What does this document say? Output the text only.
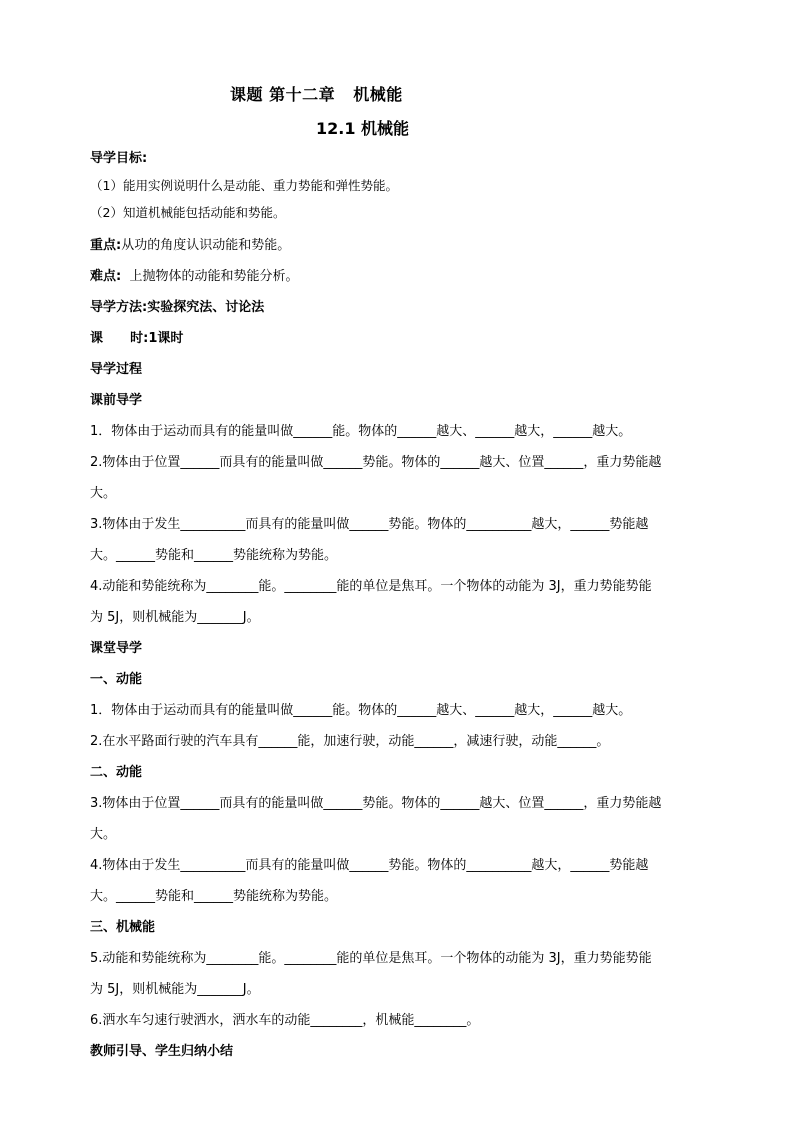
课题 第十二章   机械能
12.1 机械能
导学目标:
（1）能用实例说明什么是动能、重力势能和弹性势能。
（2）知道机械能包括动能和势能。
重点:从功的角度认识动能和势能。
难点:  上抛物体的动能和势能分析。
导学方法:实验探究法、讨论法
课      时:1课时
导学过程
课前导学
1．物体由于运动而具有的能量叫做______能。物体的______越大、______越大，______越大。
2.物体由于位置______而具有的能量叫做______势能。物体的______越大、位置______，重力势能越
大。
3.物体由于发生__________而具有的能量叫做______势能。物体的__________越大，______势能越
大。______势能和______势能统称为势能。
4.动能和势能统称为________能。________能的单位是焦耳。一个物体的动能为 3J，重力势能势能
为 5J，则机械能为_______J。
课堂导学
一、动能
1．物体由于运动而具有的能量叫做______能。物体的______越大、______越大，______越大。
2.在水平路面行驶的汽车具有______能，加速行驶，动能______，减速行驶，动能______。
二、动能
3.物体由于位置______而具有的能量叫做______势能。物体的______越大、位置______，重力势能越
大。
4.物体由于发生__________而具有的能量叫做______势能。物体的__________越大，______势能越
大。______势能和______势能统称为势能。
三、机械能
5.动能和势能统称为________能。________能的单位是焦耳。一个物体的动能为 3J，重力势能势能
为 5J，则机械能为_______J。
6.洒水车匀速行驶洒水，洒水车的动能________，机械能________。
教师引导、学生归纳小结
